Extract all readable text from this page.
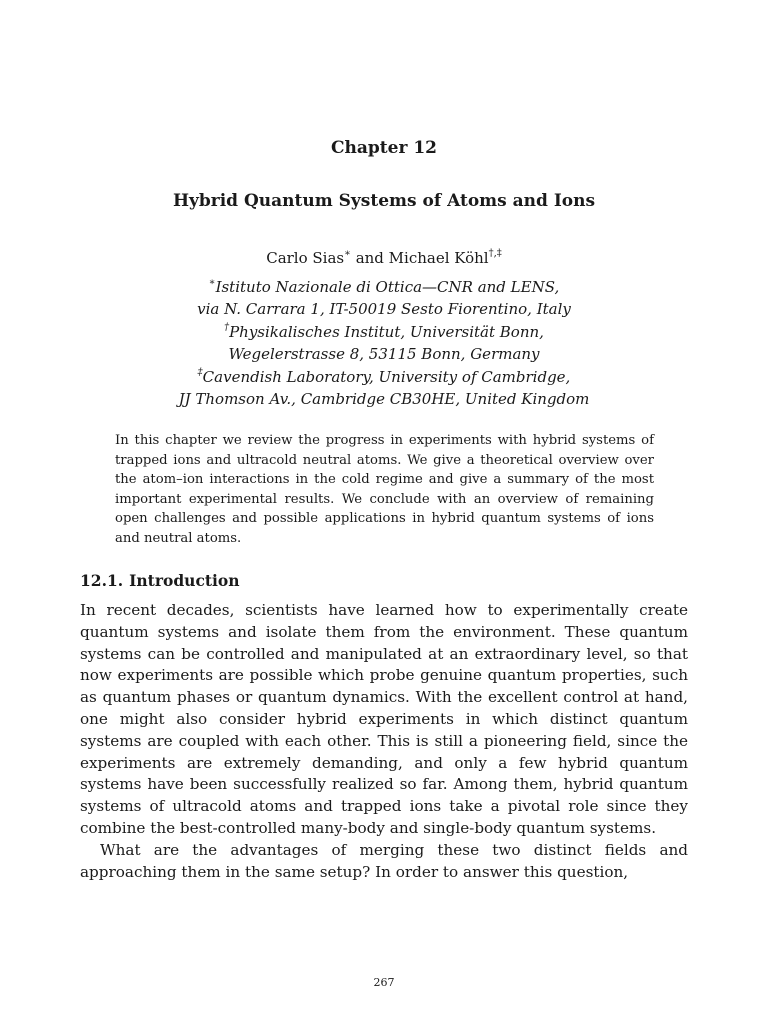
Chapter 12
Hybrid Quantum Systems of Atoms and Ions
Carlo Sias∗ and Michael Köhl†,‡
∗Istituto Nazionale di Ottica—CNR and LENS,
via N. Carrara 1, IT-50019 Sesto Fiorentino, Italy
†Physikalisches Institut, Universität Bonn,
Wegelerstrasse 8, 53115 Bonn, Germany
‡Cavendish Laboratory, University of Cambridge,
JJ Thomson Av., Cambridge CB30HE, United Kingdom

In this chapter we review the progress in experiments with hybrid systems of trapped ions and ultracold neutral atoms. We give a theoretical overview over the atom–ion interactions in the cold regime and give a summary of the most important experimental results. We conclude with an overview of remaining open challenges and possible applications in hybrid quantum systems of ions and neutral atoms.

12.1. Introduction

In recent decades, scientists have learned how to experimentally create quantum systems and isolate them from the environment. These quantum systems can be controlled and manipulated at an extraordinary level, so that now experiments are possible which probe genuine quantum properties, such as quantum phases or quantum dynamics. With the excellent control at hand, one might also consider hybrid experiments in which distinct quantum systems are coupled with each other. This is still a pioneering field, since the experiments are extremely demanding, and only a few hybrid quantum systems have been successfully realized so far. Among them, hybrid quantum systems of ultracold atoms and trapped ions take a pivotal role since they combine the best-controlled many-body and single-body quantum systems.

What are the advantages of merging these two distinct fields and approaching them in the same setup? In order to answer this question,

267
